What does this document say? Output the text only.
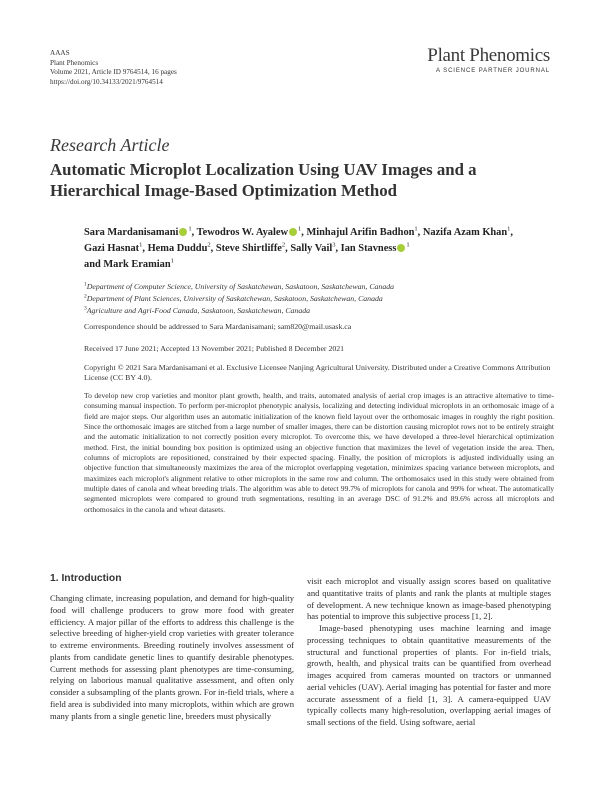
AAAS
Plant Phenomics
Volume 2021, Article ID 9764514, 16 pages
https://doi.org/10.34133/2021/9764514
Plant Phenomics
A SCIENCE PARTNER JOURNAL
Research Article
Automatic Microplot Localization Using UAV Images and a Hierarchical Image-Based Optimization Method
Sara Mardanisamani $^1$, Tewodros W. Ayalew $^1$, Minhajul Arifin Badhon$^1$, Nazifa Azam Khan$^1$,
Gazi Hasnat$^1$, Hema Duddu$^2$, Steve Shirtliffe$^2$, Sally Vail$^3$, Ian Stavness $^1$
and Mark Eramian$^1$
$^1$Department of Computer Science, University of Saskatchewan, Saskatoon, Saskatchewan, Canada
$^2$Department of Plant Sciences, University of Saskatchewan, Saskatoon, Saskatchewan, Canada
$^3$Agriculture and Agri-Food Canada, Saskatoon, Saskatchewan, Canada
Correspondence should be addressed to Sara Mardanisamani; sam820@mail.usask.ca
Received 17 June 2021; Accepted 13 November 2021; Published 8 December 2021
Copyright © 2021 Sara Mardanisamani et al. Exclusive Licensee Nanjing Agricultural University. Distributed under a Creative Commons Attribution License (CC BY 4.0).
To develop new crop varieties and monitor plant growth, health, and traits, automated analysis of aerial crop images is an attractive alternative to time-consuming manual inspection. To perform per-microplot phenotypic analysis, localizing and detecting individual microplots in an orthomosaic image of a field are major steps. Our algorithm uses an automatic initialization of the known field layout over the orthomosaic images in roughly the right position. Since the orthomosaic images are stitched from a large number of smaller images, there can be distortion causing microplot rows not to be entirely straight and the automatic initialization to not correctly position every microplot. To overcome this, we have developed a three-level hierarchical optimization method. First, the initial bounding box position is optimized using an objective function that maximizes the level of vegetation inside the area. Then, columns of microplots are repositioned, constrained by their expected spacing. Finally, the position of microplots is adjusted individually using an objective function that simultaneously maximizes the area of the microplot overlapping vegetation, minimizes spacing variance between microplots, and maximizes each microplot's alignment relative to other microplots in the same row and column. The orthomosaics used in this study were obtained from multiple dates of canola and wheat breeding trials. The algorithm was able to detect 99.7% of microplots for canola and 99% for wheat. The automatically segmented microplots were compared to ground truth segmentations, resulting in an average DSC of 91.2% and 89.6% across all microplots and orthomosaics in the canola and wheat datasets.
1. Introduction

Changing climate, increasing population, and demand for high-quality food will challenge producers to grow more food with greater efficiency. A major pillar of the efforts to address this challenge is the selective breeding of higher-yield crop varieties with greater tolerance to extreme environments. Breeding routinely involves assessment of plants from candidate genetic lines to quantify desirable phenotypes. Current methods for assessing plant phenotypes are time-consuming, relying on laborious manual qualitative assessment, and often only consider a subsampling of the plants grown. For in-field trials, where a field area is subdivided into many microplots, within which are grown many plants from a single genetic line, breeders must physically

visit each microplot and visually assign scores based on qualitative and quantitative traits of plants and rank the plants at multiple stages of development. A new technique known as image-based phenotyping has potential to improve this subjective process [1, 2].

Image-based phenotyping uses machine learning and image processing techniques to obtain quantitative measurements of the structural and functional properties of plants. For in-field trials, growth, health, and physical traits can be quantified from overhead images acquired from cameras mounted on tractors or unmanned aerial vehicles (UAV). Aerial imaging has potential for faster and more accurate assessment of a field [1, 3]. A camera-equipped UAV typically collects many high-resolution, overlapping aerial images of small sections of the field. Using software, aerial
